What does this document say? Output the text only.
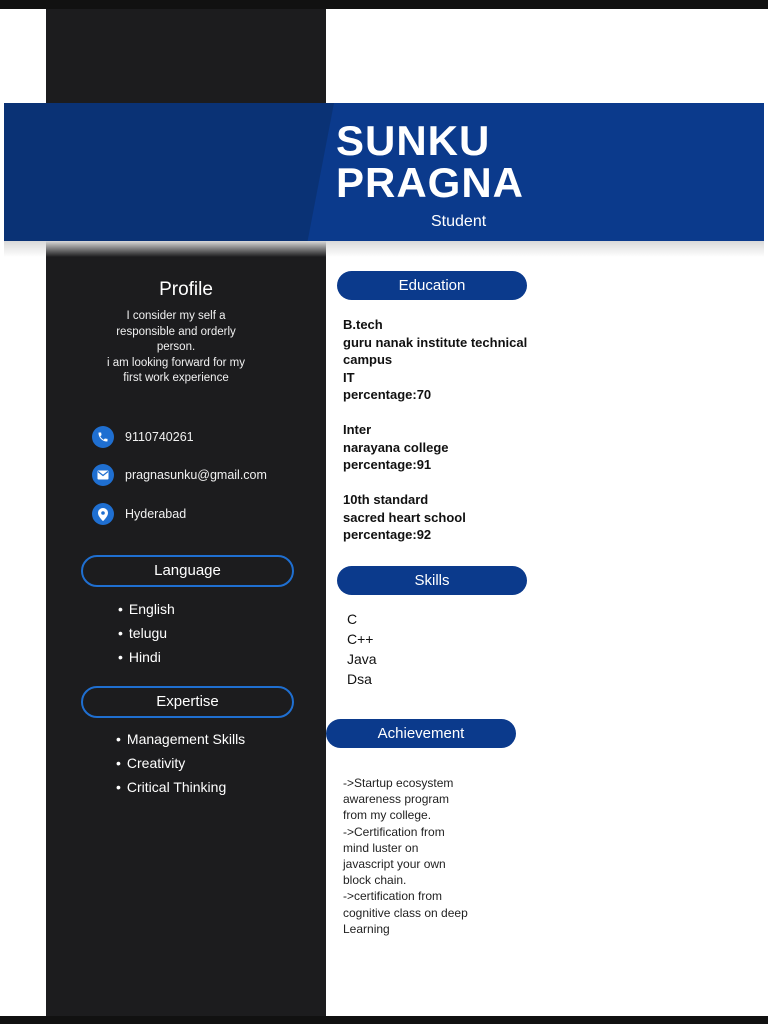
SUNKU
PRAGNA
Student
Profile
I consider my self a
responsible and orderly
person.
i am looking forward for my
first work experience
9110740261
pragnasunku@gmail.com
Hyderabad
Language
• English
• telugu
• Hindi
Expertise
• Management Skills
• Creativity
• Critical Thinking
Education
B.tech
guru nanak institute technical
campus
IT
percentage:70
Inter
narayana college
percentage:91
10th standard
sacred heart school
percentage:92
Skills
C
C++
Java
Dsa
Achievement
->Startup ecosystem
awareness program
from my college.
->Certification from
mind luster on
javascript your own
block chain.
->certification from
cognitive class on deep
Learning
